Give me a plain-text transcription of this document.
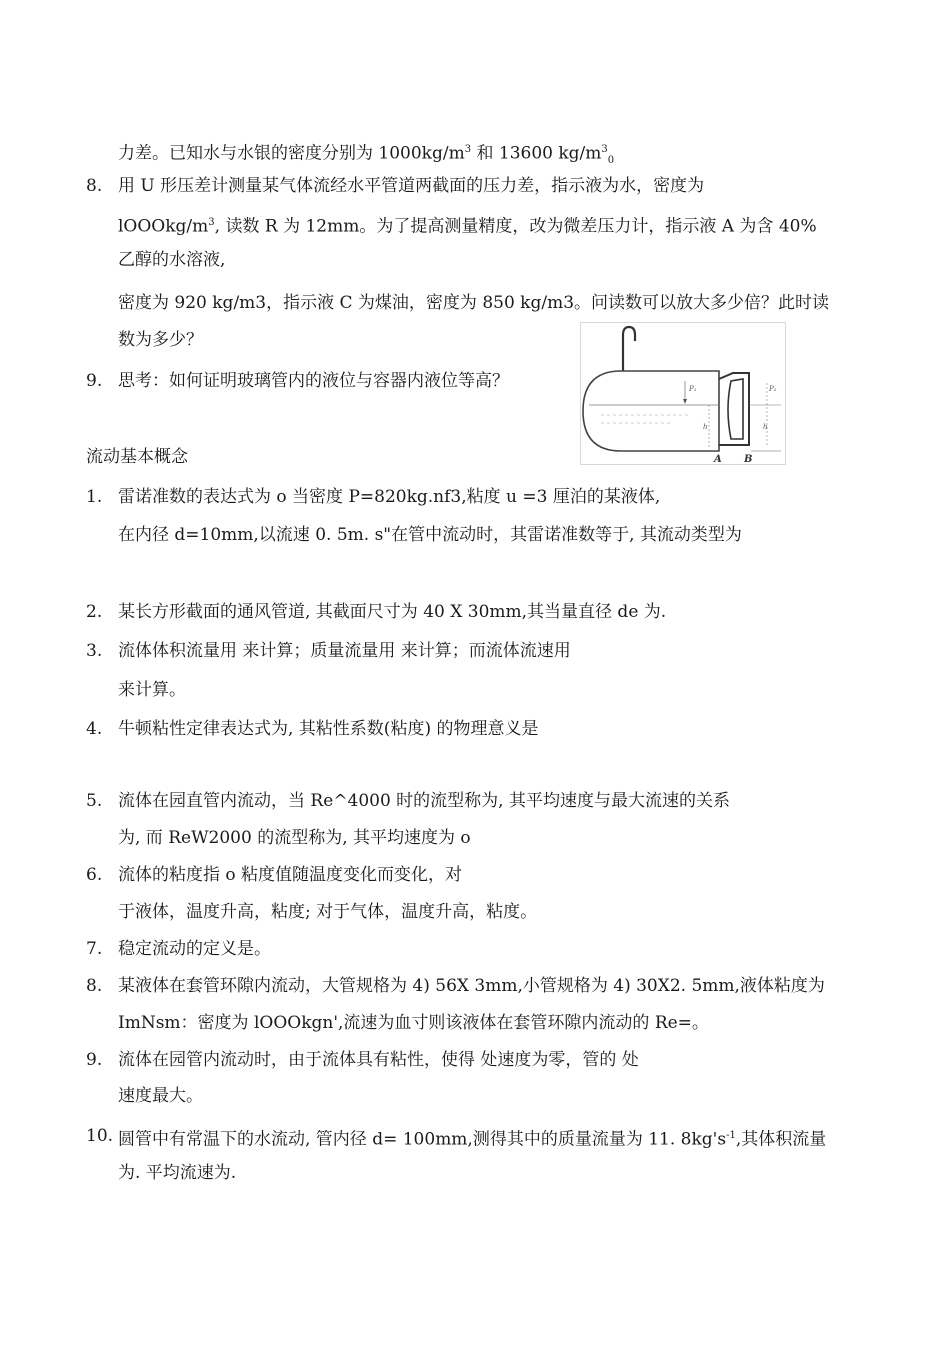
力差。已知水与水银的密度分别为 $1000kg/m^3$ 和 13600 $kg/m^3_0$
8. 用 U 形压差计测量某气体流经水平管道两截面的压力差，指示液为水，密度为
lOOOkg/$m^3$, 读数 R 为 12mm。为了提高测量精度，改为微差压力计，指示液 A 为含 40%
乙醇的水溶液,
密度为 920 kg/m3，指示液 C 为煤油，密度为 850 kg/m3。问读数可以放大多少倍？此时读
数为多少？
9. 思考：如何证明玻璃管内的液位与容器内液位等高？	P₁
h
P₂
h
A B
流动基本概念
1. 雷诺准数的表达式为 o 当密度 P=820kg.nf3,粘度 u =3 厘泊的某液体,
在内径 d=10mm,以流速 0. 5m. s"在管中流动时，其雷诺准数等于, 其流动类型为
2. 某长方形截面的通风管道, 其截面尺寸为 40 X 30mm,其当量直径 de 为.
3. 流体体积流量用 来计算；质量流量用 来计算；而流体流速用
来计算。
4. 牛顿粘性定律表达式为, 其粘性系数(粘度) 的物理意义是
5. 流体在园直管内流动，当 Re^4000 时的流型称为, 其平均速度与最大流速的关系
为, 而 ReW2000 的流型称为, 其平均速度为 o
6. 流体的粘度指 o 粘度值随温度变化而变化，对
于液体，温度升高，粘度; 对于气体，温度升高，粘度。
7. 稳定流动的定义是。
8. 某液体在套管环隙内流动，大管规格为 4) 56X 3mm,小管规格为 4) 30X2. 5mm,液体粘度为
ImNsm：密度为 lOOOkgn',流速为血寸则该液体在套管环隙内流动的 Re=。
9. 流体在园管内流动时，由于流体具有粘性，使得 处速度为零，管的 处
速度最大。
10. 圆管中有常温下的水流动, 管内径 d= 100mm,测得其中的质量流量为 11. $8kg's^{-1}$,其体积流量
为. 平均流速为.
